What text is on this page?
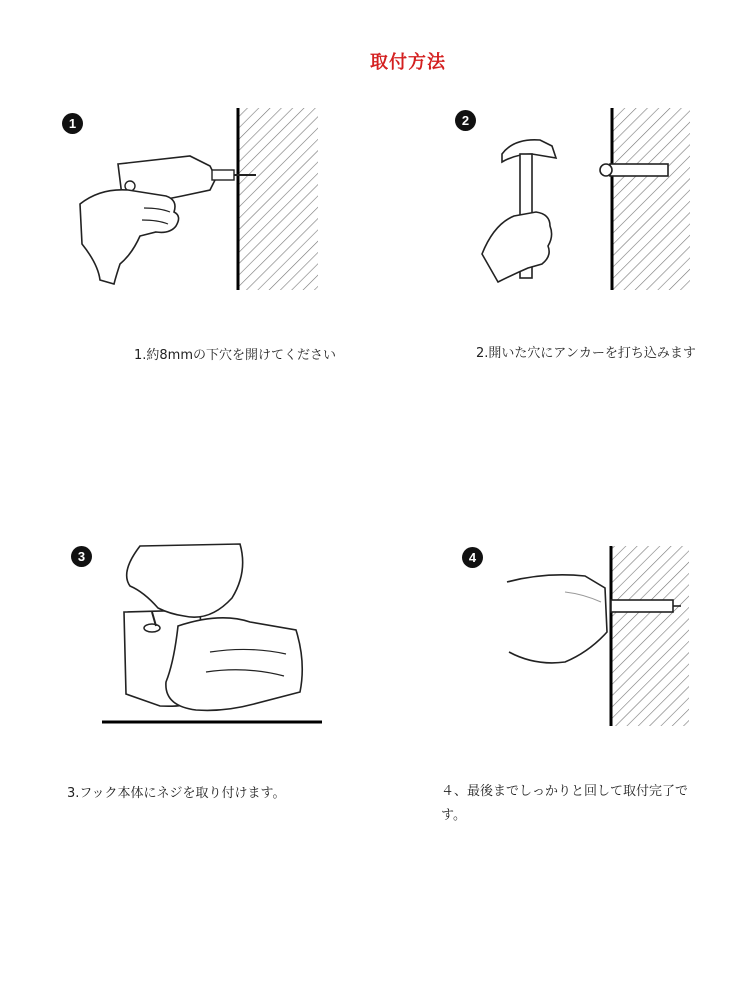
取付方法
1
1.約8mmの下穴を開けてください
2
2.開いた穴にアンカーを打ち込みます
3
3.フック本体にネジを取り付けます。
4
４、最後までしっかりと回して取付完了です。
